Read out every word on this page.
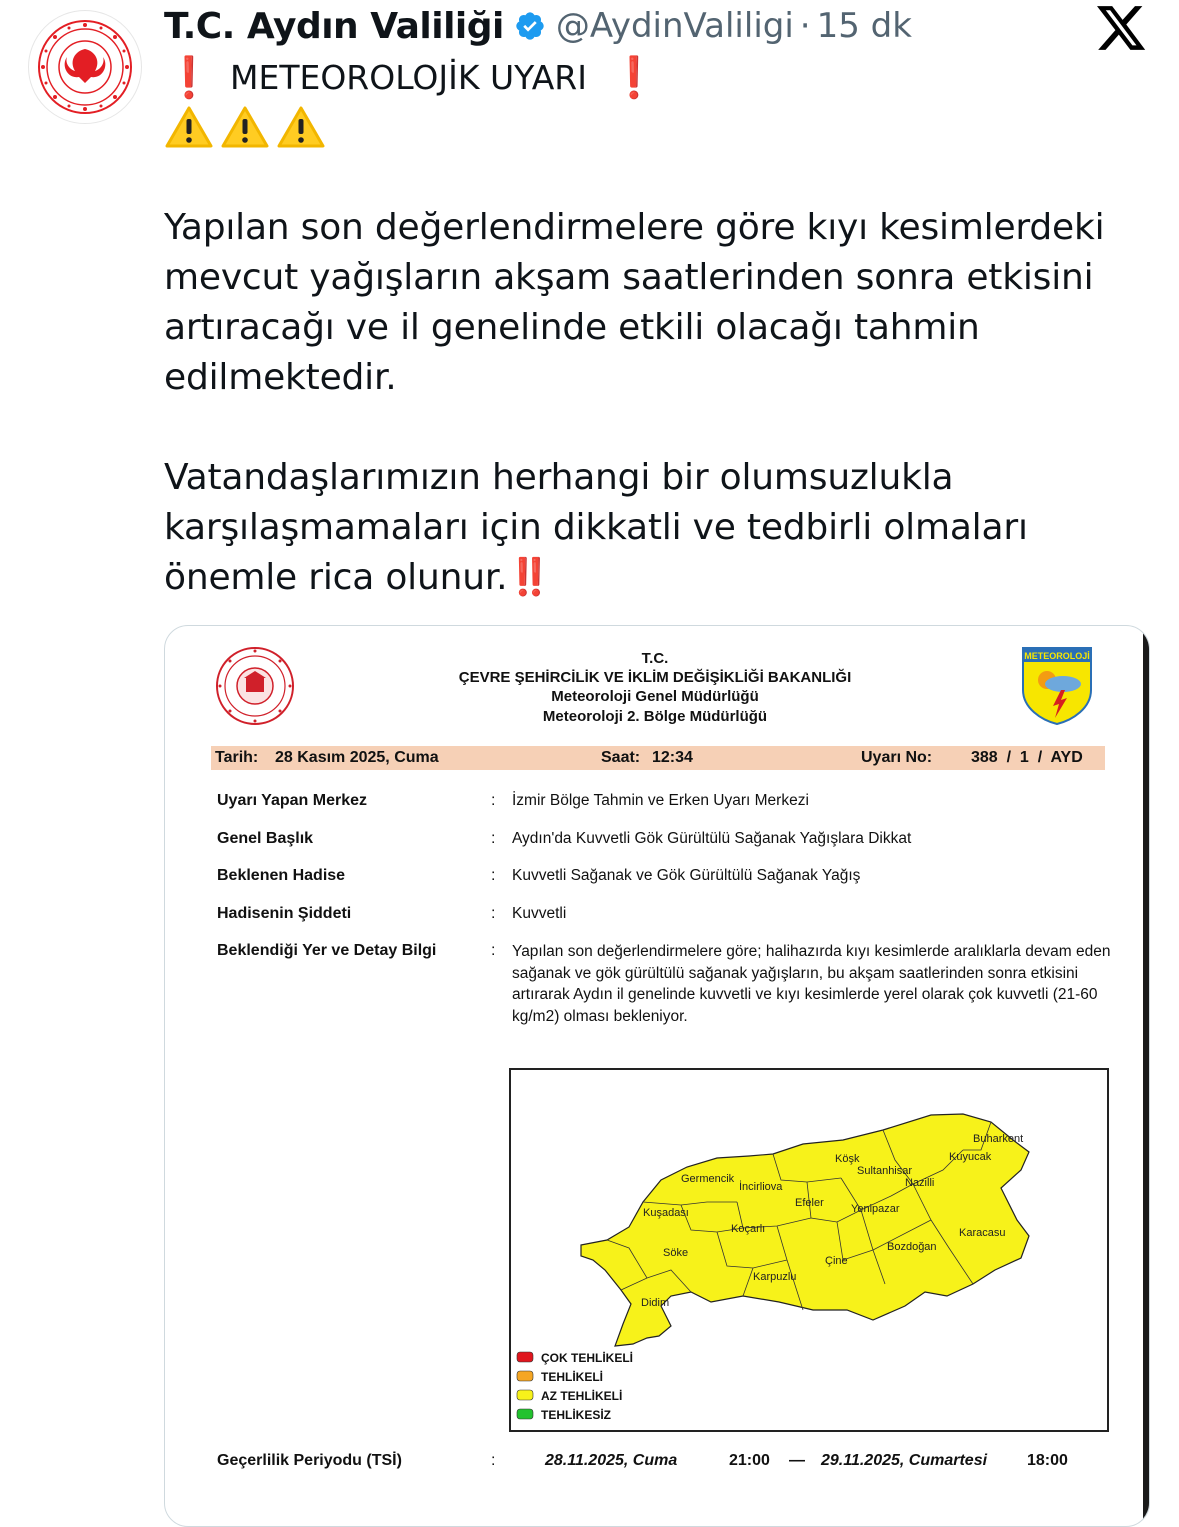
T.C. Aydın Valiliği @AydinValiligi · 15 dk
❗ METEOROLOJİK UYARI ❗

Yapılan son değerlendirmelere göre kıyı kesimlerdeki mevcut yağışların akşam saatlerinden sonra etkisini artıracağı ve il genelinde etkili olacağı tahmin edilmektedir.

Vatandaşlarımızın herhangi bir olumsuzlukla karşılaşmamaları için dikkatli ve tedbirli olmaları önemle rica olunur.‼️

T.C.
ÇEVRE ŞEHİRCİLİK VE İKLİM DEĞİŞİKLİĞİ BAKANLIĞI
Meteoroloji Genel Müdürlüğü
Meteoroloji 2. Bölge Müdürlüğü
METEOROLOJİ
Tarih: 28 Kasım 2025, Cuma	Saat: 12:34	Uyarı No: 388  /  1  /  AYD
Uyarı Yapan Merkez	: İzmir Bölge Tahmin ve Erken Uyarı Merkezi
Genel Başlık	: Aydın'da Kuvvetli Gök Gürültülü Sağanak Yağışlara Dikkat
Beklenen Hadise	: Kuvvetli Sağanak ve Gök Gürültülü Sağanak Yağış
Hadisenin Şiddeti	: Kuvvetli
Beklendiği Yer ve Detay Bilgi	: Yapılan son değerlendirmelere göre; halihazırda kıyı kesimlerde aralıklarla devam eden sağanak ve gök gürültülü sağanak yağışların, bu akşam saatlerinden sonra etkisini artırarak Aydın il genelinde kuvvetli ve kıyı kesimlerde yerel olarak çok kuvvetli (21-60 kg/m2) olması bekleniyor.
Buharkent
Kuyucak
Köşk
Sultanhisar
Nazilli
Germencik
İncirliova
Efeler Yenipazar
Kuşadası
Koçarlı	Karacasu
Söke	Bozdoğan
Çine
Karpuzlu
Didim
ÇOK TEHLİKELİ
TEHLİKELİ
AZ TEHLİKELİ
TEHLİKESİZ
Geçerlilik Periyodu (TSİ)	:	28.11.2025, Cuma	21:00 — 29.11.2025, Cumartesi 18:00
